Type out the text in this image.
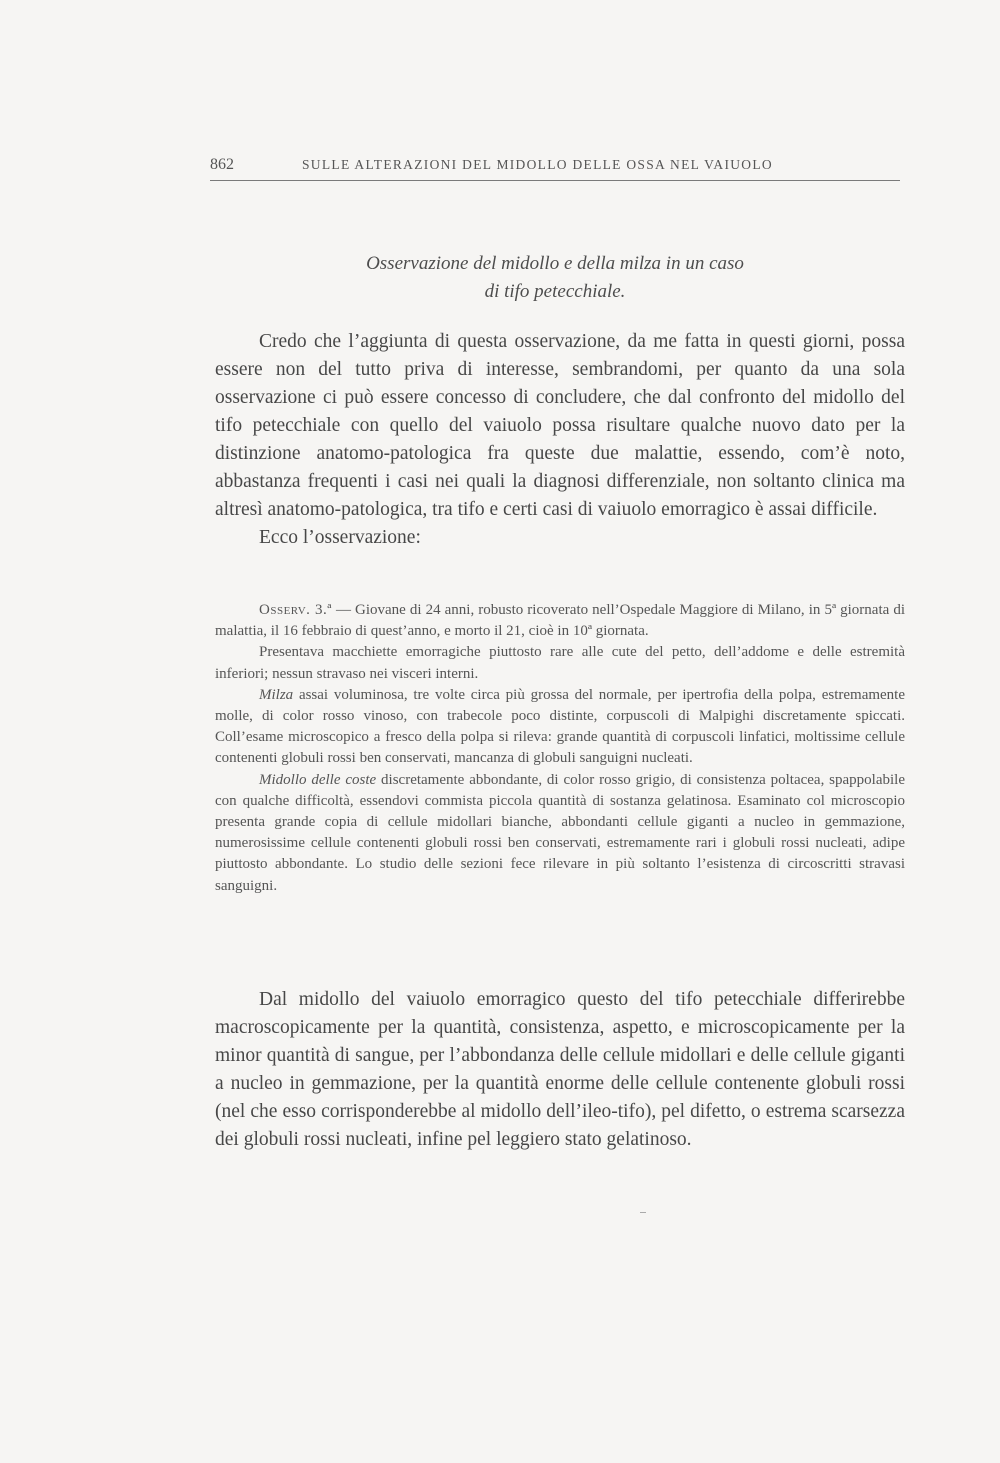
862	SULLE ALTERAZIONI DEL MIDOLLO DELLE OSSA NEL VAIUOLO
Osservazione del midollo e della milza in un caso
di tifo petecchiale.

Credo che l’aggiunta di questa osservazione, da me fatta in questi giorni, possa essere non del tutto priva di interesse, sembrandomi, per quanto da una sola osservazione ci può essere concesso di concludere, che dal confronto del midollo del tifo petecchiale con quello del vaiuolo possa risultare qualche nuovo dato per la distinzione anatomo-patologica fra queste due malattie, essendo, com’è noto, abbastanza frequenti i casi nei quali la diagnosi differenziale, non soltanto clinica ma altresì anatomo-patologica, tra tifo e certi casi di vaiuolo emorragico è assai difficile.

Ecco l’osservazione:

Osserv. 3.ª — Giovane di 24 anni, robusto ricoverato nell’Ospedale Maggiore di Milano, in 5ª giornata di malattia, il 16 febbraio di quest’anno, e morto il 21, cioè in 10ª giornata.

Presentava macchiette emorragiche piuttosto rare alle cute del petto, dell’addome e delle estremità inferiori; nessun stravaso nei visceri interni.

Milza assai voluminosa, tre volte circa più grossa del normale, per ipertrofia della polpa, estremamente molle, di color rosso vinoso, con trabecole poco distinte, corpuscoli di Malpighi discretamente spiccati. Coll’esame microscopico a fresco della polpa si rileva: grande quantità di corpuscoli linfatici, moltissime cellule contenenti globuli rossi ben conservati, mancanza di globuli sanguigni nucleati.

Midollo delle coste discretamente abbondante, di color rosso grigio, di consistenza poltacea, spappolabile con qualche difficoltà, essendovi commista piccola quantità di sostanza gelatinosa. Esaminato col microscopio presenta grande copia di cellule midollari bianche, abbondanti cellule giganti a nucleo in gemmazione, numerosissime cellule contenenti globuli rossi ben conservati, estremamente rari i globuli rossi nucleati, adipe piuttosto abbondante. Lo studio delle sezioni fece rilevare in più soltanto l’esistenza di circoscritti stravasi sanguigni.

Dal midollo del vaiuolo emorragico questo del tifo petecchiale differirebbe macroscopicamente per la quantità, consistenza, aspetto, e microscopicamente per la minor quantità di sangue, per l’abbondanza delle cellule midollari e delle cellule giganti a nucleo in gemmazione, per la quantità enorme delle cellule contenente globuli rossi (nel che esso corrisponderebbe al midollo dell’ileo-tifo), pel difetto, o estrema scarsezza dei globuli rossi nucleati, infine pel leggiero stato gelatinoso.
